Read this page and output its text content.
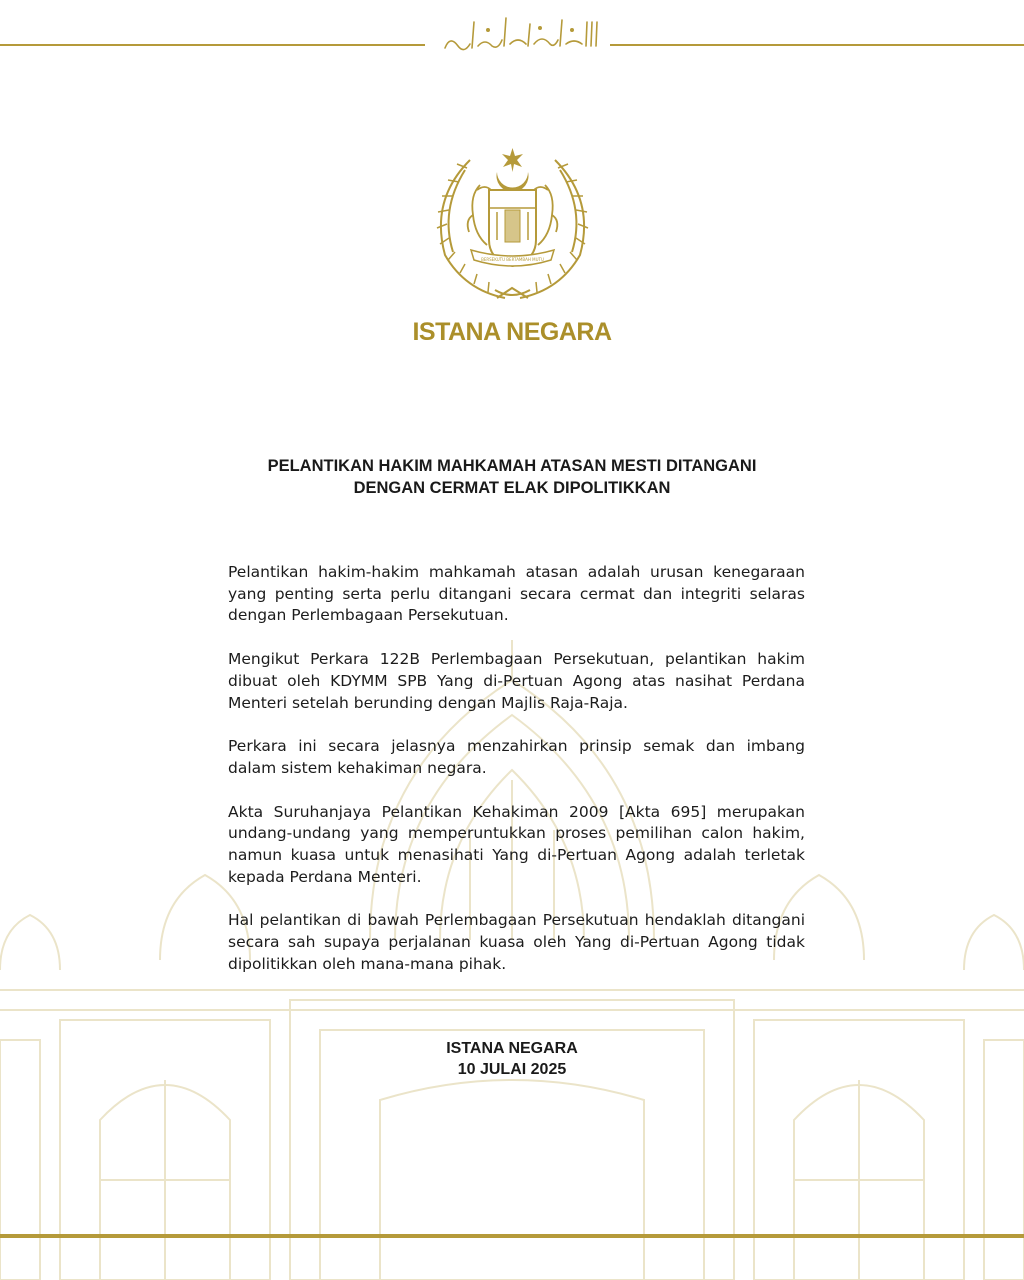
BERSEKUTU BERTAMBAH MUTU
ISTANA NEGARA
PELANTIKAN HAKIM MAHKAMAH ATASAN MESTI DITANGANI
DENGAN CERMAT ELAK DIPOLITIKKAN

Pelantikan hakim-hakim mahkamah atasan adalah urusan kenegaraan yang penting serta perlu ditangani secara cermat dan integriti selaras dengan Perlembagaan Persekutuan.

Mengikut Perkara 122B Perlembagaan Persekutuan, pelantikan hakim dibuat oleh KDYMM SPB Yang di-Pertuan Agong atas nasihat Perdana Menteri setelah berunding dengan Majlis Raja-Raja.

Perkara ini secara jelasnya menzahirkan prinsip semak dan imbang dalam sistem kehakiman negara.

Akta Suruhanjaya Pelantikan Kehakiman 2009 [Akta 695] merupakan undang-undang yang memperuntukkan proses pemilihan calon hakim, namun kuasa untuk menasihati Yang di-Pertuan Agong adalah terletak kepada Perdana Menteri.

Hal pelantikan di bawah Perlembagaan Persekutuan hendaklah ditangani secara sah supaya perjalanan kuasa oleh Yang di-Pertuan Agong tidak dipolitikkan oleh mana-mana pihak.

ISTANA NEGARA
10 JULAI 2025
